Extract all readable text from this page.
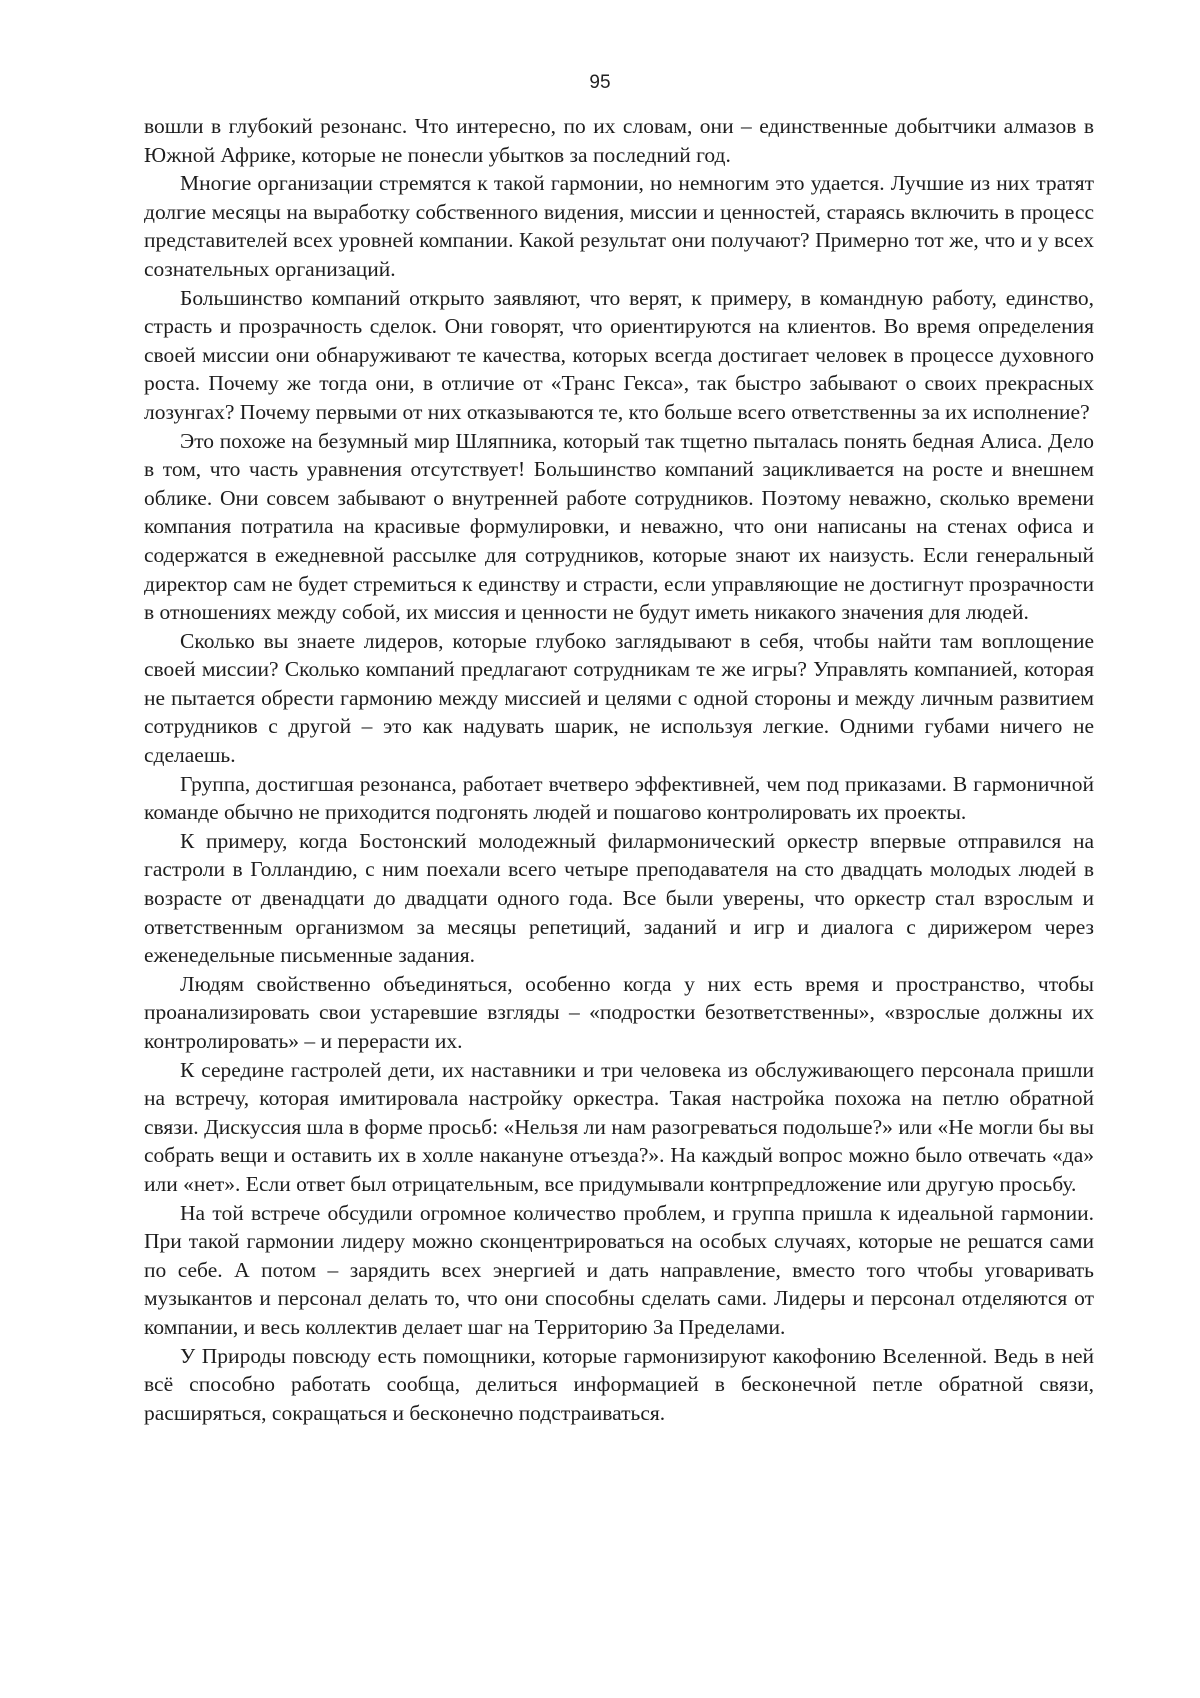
95

вошли в глубокий резонанс. Что интересно, по их словам, они – единственные добытчики алмазов в Южной Африке, которые не понесли убытков за последний год.

Многие организации стремятся к такой гармонии, но немногим это удается. Лучшие из них тратят долгие месяцы на выработку собственного видения, миссии и ценностей, стараясь включить в процесс представителей всех уровней компании. Какой результат они получают? Примерно тот же, что и у всех сознательных организаций.

Большинство компаний открыто заявляют, что верят, к примеру, в командную работу, единство, страсть и прозрачность сделок. Они говорят, что ориентируются на клиентов. Во время определения своей миссии они обнаруживают те качества, которых всегда достигает человек в процессе духовного роста. Почему же тогда они, в отличие от «Транс Гекса», так быстро забывают о своих прекрасных лозунгах? Почему первыми от них отказываются те, кто больше всего ответственны за их исполнение?

Это похоже на безумный мир Шляпника, который так тщетно пыталась понять бедная Алиса. Дело в том, что часть уравнения отсутствует! Большинство компаний зацикливается на росте и внешнем облике. Они совсем забывают о внутренней работе сотрудников. Поэтому неважно, сколько времени компания потратила на красивые формулировки, и неважно, что они написаны на стенах офиса и содержатся в ежедневной рассылке для сотрудников, которые знают их наизусть. Если генеральный директор сам не будет стремиться к единству и страсти, если управляющие не достигнут прозрачности в отношениях между собой, их миссия и ценности не будут иметь никакого значения для людей.

Сколько вы знаете лидеров, которые глубоко заглядывают в себя, чтобы найти там воплощение своей миссии? Сколько компаний предлагают сотрудникам те же игры? Управлять компанией, которая не пытается обрести гармонию между миссией и целями с одной стороны и между личным развитием сотрудников с другой – это как надувать шарик, не используя легкие. Одними губами ничего не сделаешь.

Группа, достигшая резонанса, работает вчетверо эффективней, чем под приказами. В гармоничной команде обычно не приходится подгонять людей и пошагово контролировать их проекты.

К примеру, когда Бостонский молодежный филармонический оркестр впервые отправился на гастроли в Голландию, с ним поехали всего четыре преподавателя на сто двадцать молодых людей в возрасте от двенадцати до двадцати одного года. Все были уверены, что оркестр стал взрослым и ответственным организмом за месяцы репетиций, заданий и игр и диалога с дирижером через еженедельные письменные задания.

Людям свойственно объединяться, особенно когда у них есть время и пространство, чтобы проанализировать свои устаревшие взгляды – «подростки безответственны», «взрослые должны их контролировать» – и перерасти их.

К середине гастролей дети, их наставники и три человека из обслуживающего персонала пришли на встречу, которая имитировала настройку оркестра. Такая настройка похожа на петлю обратной связи. Дискуссия шла в форме просьб: «Нельзя ли нам разогреваться подольше?» или «Не могли бы вы собрать вещи и оставить их в холле накануне отъезда?». На каждый вопрос можно было отвечать «да» или «нет». Если ответ был отрицательным, все придумывали контрпредложение или другую просьбу.

На той встрече обсудили огромное количество проблем, и группа пришла к идеальной гармонии. При такой гармонии лидеру можно сконцентрироваться на особых случаях, которые не решатся сами по себе. А потом – зарядить всех энергией и дать направление, вместо того чтобы уговаривать музыкантов и персонал делать то, что они способны сделать сами. Лидеры и персонал отделяются от компании, и весь коллектив делает шаг на Территорию За Пределами.

У Природы повсюду есть помощники, которые гармонизируют какофонию Вселенной. Ведь в ней всё способно работать сообща, делиться информацией в бесконечной петле обратной связи, расширяться, сокращаться и бесконечно подстраиваться.
